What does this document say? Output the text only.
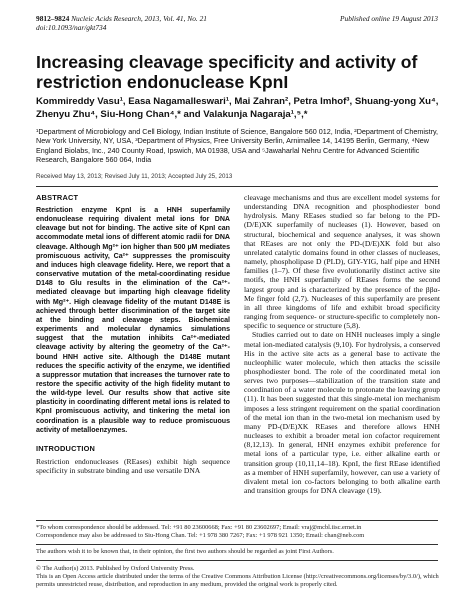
9812–9824 Nucleic Acids Research, 2013, Vol. 41, No. 21
doi:10.1093/nar/gkt734
Published online 19 August 2013
Increasing cleavage specificity and activity of restriction endonuclease KpnI
Kommireddy Vasu¹, Easa Nagamalleswari¹, Mai Zahran², Petra Imhof³, Shuang-yong Xu⁴, Zhenyu Zhu⁴, Siu-Hong Chan⁴,* and Valakunja Nagaraja¹,⁵,*
¹Department of Microbiology and Cell Biology, Indian Institute of Science, Bangalore 560 012, India, ²Department of Chemistry, New York University, NY, USA, ³Department of Physics, Free University Berlin, Arnimallee 14, 14195 Berlin, Germany, ⁴New England Biolabs, Inc., 240 County Road, Ipswich, MA 01938, USA and ⁵Jawaharlal Nehru Centre for Advanced Scientific Research, Bangalore 560 064, India
Received May 13, 2013; Revised July 11, 2013; Accepted July 25, 2013
ABSTRACT

Restriction enzyme KpnI is a HNH superfamily endonuclease requiring divalent metal ions for DNA cleavage but not for binding. The active site of KpnI can accommodate metal ions of different atomic radii for DNA cleavage. Although Mg²⁺ ion higher than 500 µM mediates promiscuous activity, Ca²⁺ suppresses the promiscuity and induces high cleavage fidelity. Here, we report that a conservative mutation of the metal-coordinating residue D148 to Glu results in the elimination of the Ca²⁺-mediated cleavage but imparting high cleavage fidelity with Mg²⁺. High cleavage fidelity of the mutant D148E is achieved through better discrimination of the target site at the binding and cleavage steps. Biochemical experiments and molecular dynamics simulations suggest that the mutation inhibits Ca²⁺-mediated cleavage activity by altering the geometry of the Ca²⁺-bound HNH active site. Although the D148E mutant reduces the specific activity of the enzyme, we identified a suppressor mutation that increases the turnover rate to restore the specific activity of the high fidelity mutant to the wild-type level. Our results show that active site plasticity in coordinating different metal ions is related to KpnI promiscuous activity, and tinkering the metal ion coordination is a plausible way to reduce promiscuous activity of metalloenzymes.

INTRODUCTION

Restriction endonucleases (REases) exhibit high sequence specificity in substrate binding and use versatile DNA

cleavage mechanisms and thus are excellent model systems for understanding DNA recognition and phosphodiester bond hydrolysis. Many REases studied so far belong to the PD-(D/E)XK superfamily of nucleases (1). However, based on structural, biochemical and sequence analyses, it was shown that REases are not only the PD-(D/E)XK fold but also unrelated catalytic domains found in other classes of nucleases, namely, phospholipase D (PLD), GIY-YIG, half pipe and HNH families (1–7). Of these five evolutionarily distinct active site motifs, the HNH superfamily of REases forms the second largest group and is characterized by the presence of the ββα-Me finger fold (2,7). Nucleases of this superfamily are present in all three kingdoms of life and exhibit broad specificity ranging from sequence- or structure-specific to completely non-specific to sequence or structure (5,8).

Studies carried out to date on HNH nucleases imply a single metal ion-mediated catalysis (9,10). For hydrolysis, a conserved His in the active site acts as a general base to activate the nucleophilic water molecule, which then attacks the scissile phosphodiester bond. The role of the coordinated metal ion serves two purposes—stabilization of the transition state and coordination of a water molecule to protonate the leaving group (11). It has been suggested that this single-metal ion mechanism imposes a less stringent requirement on the spatial coordination of the metal ion than in the two-metal ion mechanism used by many PD-(D/E)XK REases and therefore allows HNH nucleases to exhibit a broader metal ion cofactor requirement (8,12,13). In general, HNH enzymes exhibit preference for metal ions of a particular type, i.e. either alkaline earth or transition group (10,11,14–18). KpnI, the first REase identified as a member of HNH superfamily, however, can use a variety of divalent metal ion co-factors belonging to both alkaline earth and transition groups for DNA cleavage (19).

*To whom correspondence should be addressed. Tel: +91 80 23600668; Fax: +91 80 23602697; Email: vraj@mcbl.iisc.ernet.in

Correspondence may also be addressed to Siu-Hong Chan. Tel: +1 978 380 7267; Fax: +1 978 921 1350; Email: chan@neb.com

The authors wish it to be known that, in their opinion, the first two authors should be regarded as joint First Authors.

© The Author(s) 2013. Published by Oxford University Press.

This is an Open Access article distributed under the terms of the Creative Commons Attribution License (http://creativecommons.org/licenses/by/3.0/), which permits unrestricted reuse, distribution, and reproduction in any medium, provided the original work is properly cited.
